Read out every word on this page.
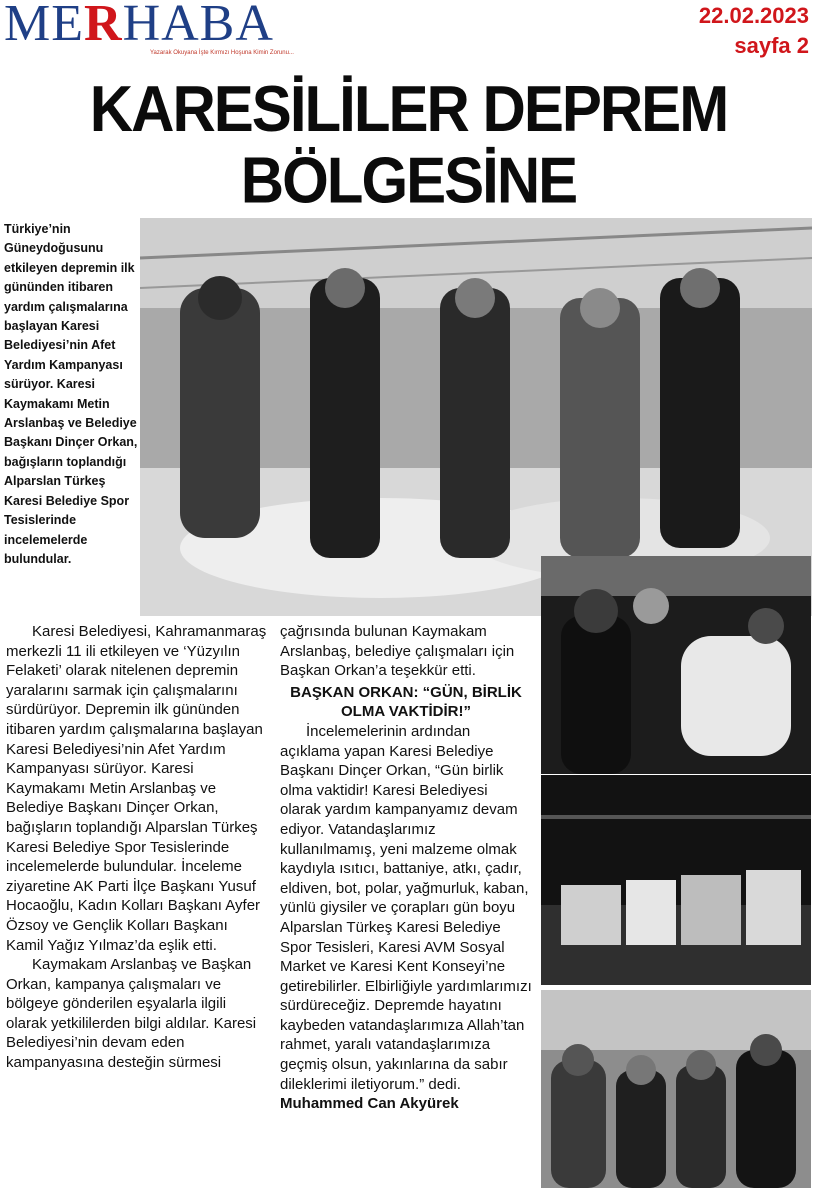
MERHABA
Yazarak Okuyana İşte Kırmızı Hoşuna Kimin Zorunu...
22.02.2023
sayfa 2
KARESİLİLER DEPREM BÖLGESİNE
Türkiye’nin Güneydoğusunu etkileyen depremin ilk gününden itibaren yardım çalışmalarına başlayan Karesi Belediyesi’nin Afet Yardım Kampanyası sürüyor. Karesi Kaymakamı Metin Arslanbaş ve Belediye Başkanı Dinçer Orkan, bağışların toplandığı Alparslan Türkeş Karesi Belediye Spor Tesislerinde incelemelerde bulundular.

Karesi Belediyesi, Kahramanmaraş merkezli 11 ili etkileyen ve ‘Yüzyılın Felaketi’ olarak nitelenen depremin yaralarını sarmak için çalışmalarını sürdürüyor. Depremin ilk gününden itibaren yardım çalışmalarına başlayan Karesi Belediyesi’nin Afet Yardım Kampanyası sürüyor. Karesi Kaymakamı Metin Arslanbaş ve Belediye Başkanı Dinçer Orkan, bağışların toplandığı Alparslan Türkeş Karesi Belediye Spor Tesislerinde incelemelerde bulundular. İnceleme ziyaretine AK Parti İlçe Başkanı Yusuf Hocaoğlu, Kadın Kolları Başkanı Ayfer Özsoy ve Gençlik Kolları Başkanı Kamil Yağız Yılmaz’da eşlik etti.

Kaymakam Arslanbaş ve Başkan Orkan, kampanya çalışmaları ve bölgeye gönderilen eşyalarla ilgili olarak yetkililerden bilgi aldılar. Karesi Belediyesi’nin devam eden kampanyasına desteğin sürmesi

çağrısında bulunan Kaymakam Arslanbaş, belediye çalışmaları için Başkan Orkan’a teşekkür etti.

BAŞKAN ORKAN: “GÜN, BİRLİK OLMA VAKTİDİR!”

İncelemelerinin ardından açıklama yapan Karesi Belediye Başkanı Dinçer Orkan, “Gün birlik olma vaktidir! Karesi Belediyesi olarak yardım kampanyamız devam ediyor. Vatandaşlarımız kullanılmamış, yeni malzeme olmak kaydıyla ısıtıcı, battaniye, atkı, çadır, eldiven, bot, polar, yağmurluk, kaban, yünlü giysiler ve çorapları gün boyu Alparslan Türkeş Karesi Belediye Spor Tesisleri, Karesi AVM Sosyal Market ve Karesi Kent Konseyi’ne getirebilirler. Elbirliğiyle yardımlarımızı sürdüreceğiz. Depremde hayatını kaybeden vatandaşlarımıza Allah’tan rahmet, yaralı vatandaşlarımıza geçmiş olsun, yakınlarına da sabır dileklerimi iletiyorum.” dedi.

Muhammed Can Akyürek
